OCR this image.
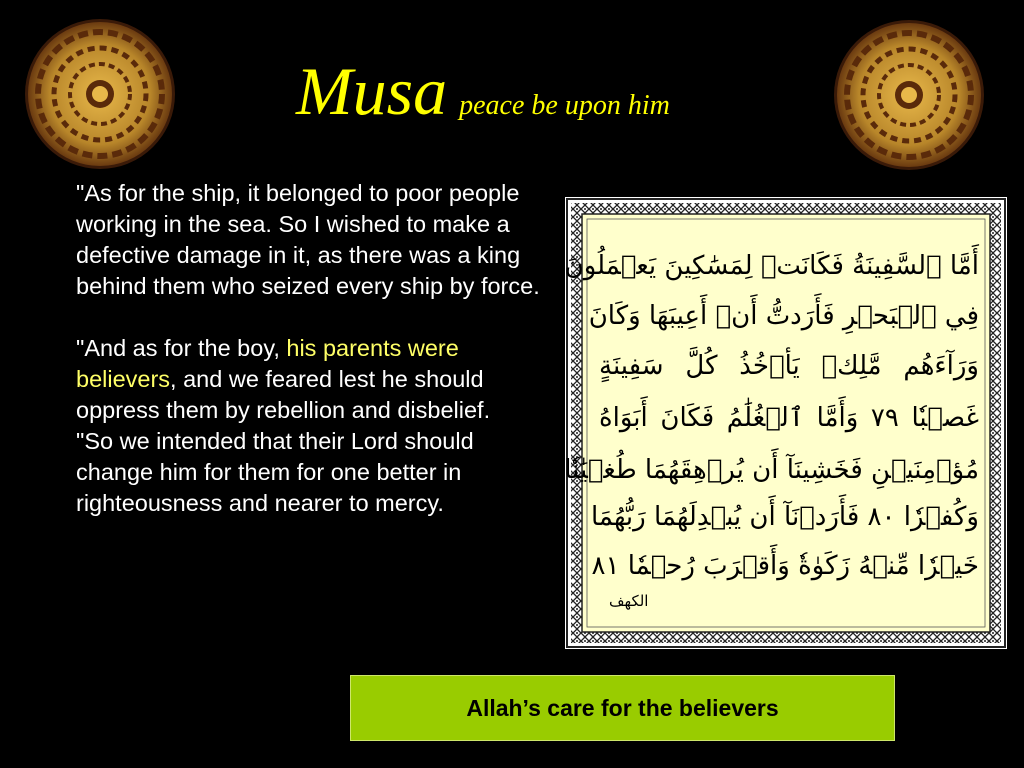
Musa peace be upon him

"As for the ship, it belonged to poor people working in the sea. So I wished to make a defective damage in it, as there was a king behind them who seized every ship by force.

"And as for the boy, his parents were believers, and we feared lest he should oppress them by rebellion and disbelief.

"So we intended that their Lord should change him for them for one better in righteousness and nearer to mercy.

أَمَّا ٱلسَّفِينَةُ فَكَانَتۡ لِمَسَٰكِينَ يَعۡمَلُونَ
فِي ٱلۡبَحۡرِ فَأَرَدتُّ أَنۡ أَعِيبَهَا وَكَانَ
وَرَآءَهُم مَّلِكٞ يَأۡخُذُ كُلَّ سَفِينَةٍ
غَصۡبٗا ٧٩ وَأَمَّا ٱلۡغُلَٰمُ فَكَانَ أَبَوَاهُ
مُؤۡمِنَيۡنِ فَخَشِينَآ أَن يُرۡهِقَهُمَا طُغۡيَٰنٗا
وَكُفۡرٗا ٨٠ فَأَرَدۡنَآ أَن يُبۡدِلَهُمَا رَبُّهُمَا
خَيۡرٗا مِّنۡهُ زَكَوٰةٗ وَأَقۡرَبَ رُحۡمٗا ٨١
الكهف
Allah’s care for the believers
